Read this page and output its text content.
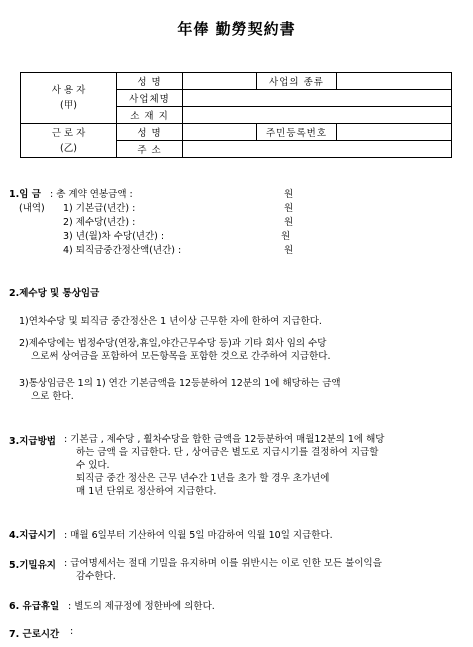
年俸 勤勞契約書
사 용 자
(甲)	성 명		사업의 종류	
	사업체명			
	소 재 지			

근 로 자
(乙)	성 명		주민등록번호	
	주 소			
1.임 금 : 총 계약 연봉금액 :	원
(내역) 1) 기본급(년간) :	원
2) 제수당(년간) :	원
3) 년(월)차 수당(년간) :	원
4) 퇴직금중간정산액(년간) :	원
2.제수당 및 통상임금
1)연차수당 및 퇴직금 중간정산은 1 년이상 근무한 자에 한하여 지급한다.
2)제수당에는 법정수당(연장,휴일,야간근무수당 등)과 기타 회사 임의 수당
으로써 상여금을 포함하여 모든항목을 포함한 것으로 간주하여 지급한다.
3)통상임금은 1의 1) 연간 기본금액을 12등분하여 12분의 1에 해당하는 금액
으로 한다.
3.지급방법 : 기본급 , 제수당 , 휠차수당을 합한 금액을 12등분하여 매월12분의 1에 해당
하는 금액 을 지급한다. 단 , 상여금은 별도로 지급시기를 결정하여 지급할
수 있다.
퇴직금 중간 정산은 근무 년수간 1년을 초가 할 경우 초가년에
매 1년 단위로 정산하여 지급한다.
4.지급시기 : 매월 6일부터 기산하여 익월 5일 마감하여 익월 10일 지급한다.
5.기밀유지 : 급여명세서는 절대 기밀을 유지하며 이를 위반시는 이로 인한 모든 불이익을
감수한다.
6. 유급휴일 : 별도의 제규정에 정한바에 의한다.
7. 근로시간 :
